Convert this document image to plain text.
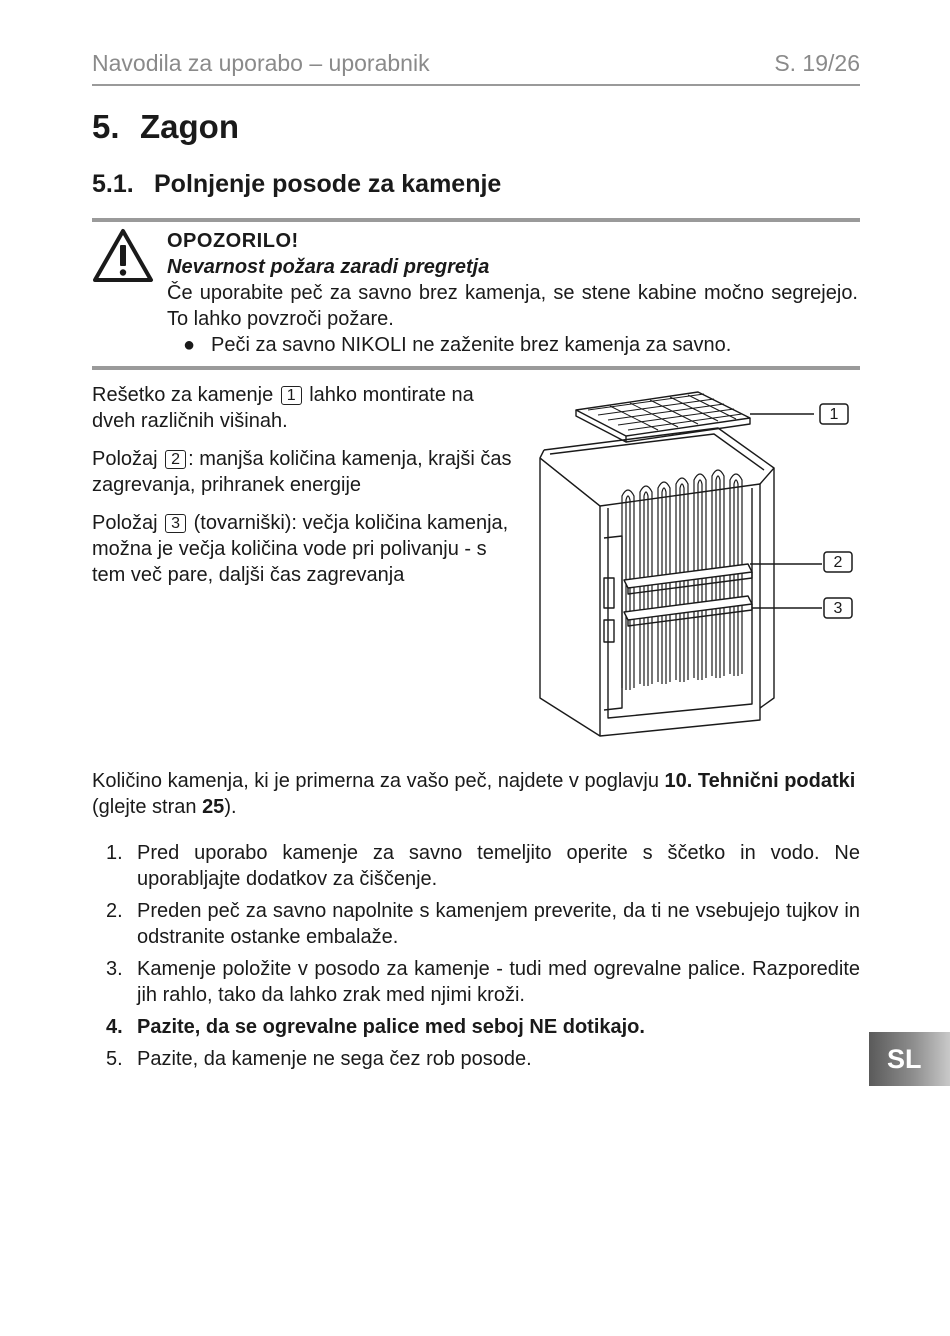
Navodila za uporabo – uporabnik	S. 19/26
5. Zagon
5.1. Polnjenje posode za kamenje
OPOZORILO!
Nevarnost požara zaradi pregretja
Če uporabite peč za savno brez kamenja, se stene kabine močno segrejejo. To lahko povzroči požare.
● Peči za savno NIKOLI ne zaženite brez kamenja za savno.

Rešetko za kamenje 1 lahko montirate na dveh različnih višinah.

Položaj 2 : manjša količina kamenja, krajši čas zagrevanja, prihranek energije

Položaj 3 (tovarniški): večja količina kamenja, možna je večja količina vode pri polivanju - s tem več pare, daljši čas zagrevanja

1
2
3
Količino kamenja, ki je primerna za vašo peč, najdete v poglavju 10. Tehnični podatki (glejte stran 25).
1. Pred uporabo kamenje za savno temeljito operite s ščetko in vodo. Ne uporabljajte dodatkov za čiščenje.
2. Preden peč za savno napolnite s kamenjem preverite, da ti ne vsebujejo tujkov in odstranite ostanke embalaže.
3. Kamenje položite v posodo za kamenje - tudi med ogrevalne palice. Razporedite jih rahlo, tako da lahko zrak med njimi kroži.
4. Pazite, da se ogrevalne palice med seboj NE dotikajo.
5. Pazite, da kamenje ne sega čez rob posode.	SL
